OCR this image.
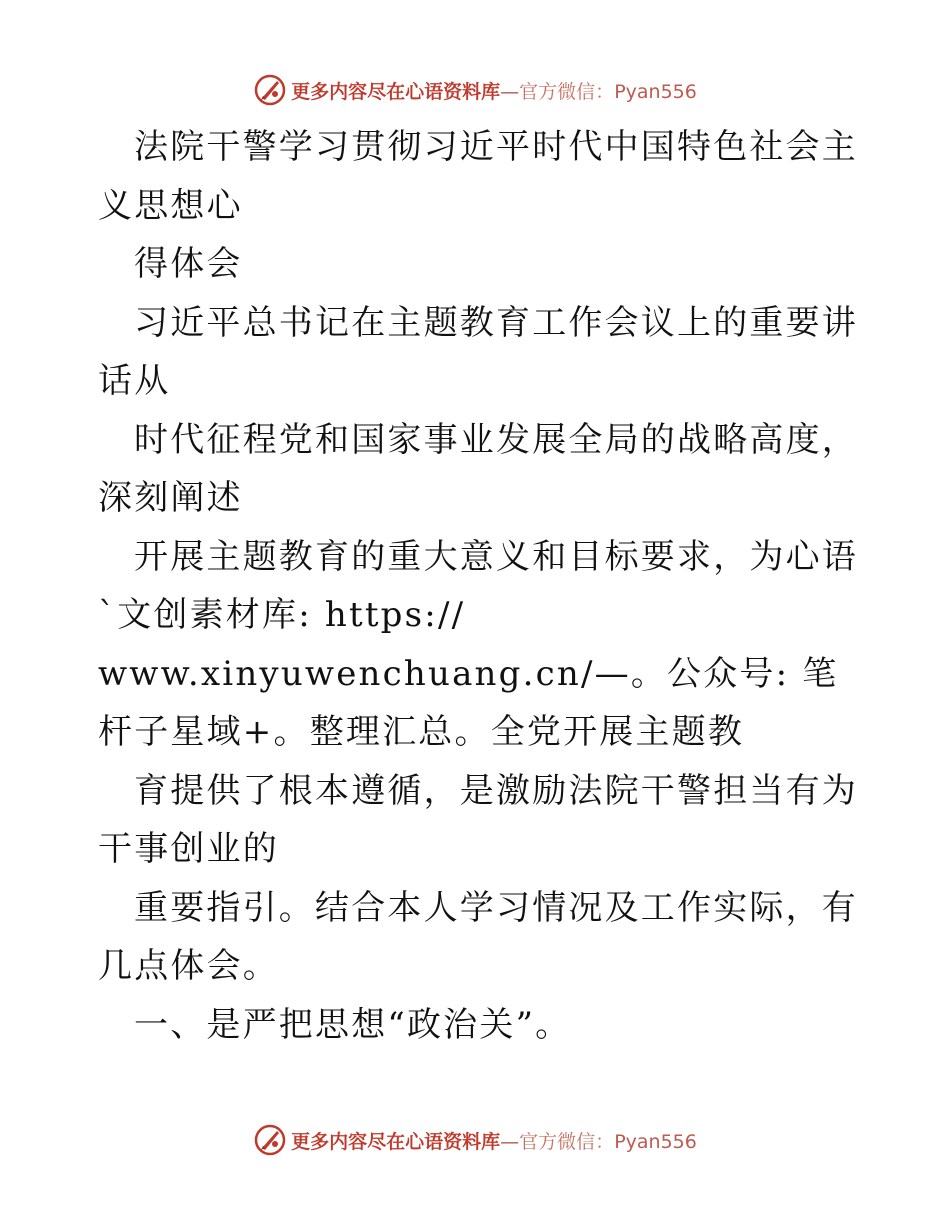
更多内容尽在心语资料库—官方微信：Pyan556

法院干警学习贯彻习近平时代中国特色社会主义思想心

得体会

习近平总书记在主题教育工作会议上的重要讲话从

时代征程党和国家事业发展全局的战略高度，深刻阐述

开展主题教育的重大意义和目标要求，为心语`文创素材库: https://

www.xinyuwenchuang.cn/—。公众号: 笔杆子星域+。整理汇总。全党开展主题教

育提供了根本遵循，是激励法院干警担当有为干事创业的

重要指引。结合本人学习情况及工作实际，有几点体会。

一、是严把思想“政治关”。

更多内容尽在心语资料库—官方微信：Pyan556
